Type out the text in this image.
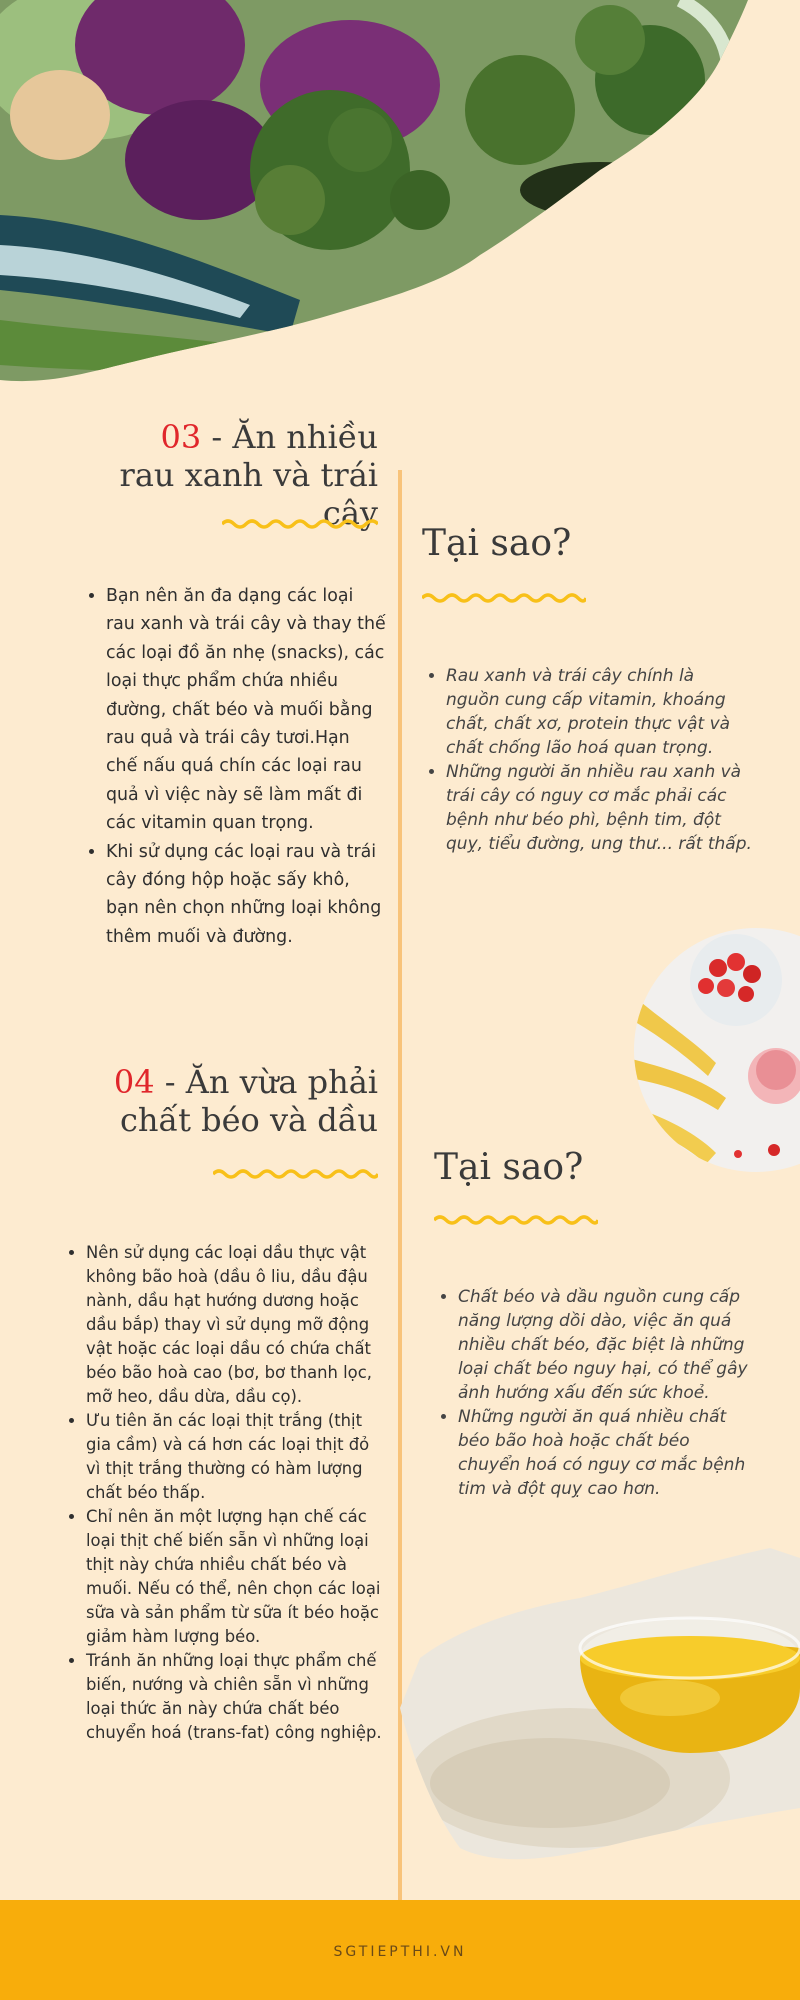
03 - Ăn nhiều
rau xanh và trái cây
Tại sao?
• Bạn nên ăn đa dạng các loại rau xanh và trái cây và thay thế các loại đồ ăn nhẹ (snacks), các loại thực phẩm chứa nhiều đường, chất béo và muối bằng rau quả và trái cây tươi.Hạn chế nấu quá chín các loại rau quả vì việc này sẽ làm mất đi các vitamin quan trọng.
• Khi sử dụng các loại rau và trái cây đóng hộp hoặc sấy khô, bạn nên chọn những loại không thêm muối và đường.
• Rau xanh và trái cây chính là nguồn cung cấp vitamin, khoáng chất, chất xơ, protein thực vật và chất chống lão hoá quan trọng.
• Những người ăn nhiều rau xanh và trái cây có nguy cơ mắc phải các bệnh như béo phì, bệnh tim, đột quỵ, tiểu đường, ung thư... rất thấp.
04 - Ăn vừa phải
chất béo và dầu
Tại sao?
• Nên sử dụng các loại dầu thực vật không bão hoà (dầu ô liu, dầu đậu nành, dầu hạt hướng dương hoặc dầu bắp) thay vì sử dụng mỡ động vật hoặc các loại dầu có chứa chất béo bão hoà cao (bơ, bơ thanh lọc, mỡ heo, dầu dừa, dầu cọ).
• Ưu tiên ăn các loại thịt trắng (thịt gia cầm) và cá hơn các loại thịt đỏ vì thịt trắng thường có hàm lượng chất béo thấp.
• Chỉ nên ăn một lượng hạn chế các loại thịt chế biến sẵn vì những loại thịt này chứa nhiều chất béo và muối. Nếu có thể, nên chọn các loại sữa và sản phẩm từ sữa ít béo hoặc giảm hàm lượng béo.
• Tránh ăn những loại thực phẩm chế biến, nướng và chiên sẵn vì những loại thức ăn này chứa chất béo chuyển hoá (trans-fat) công nghiệp.
• Chất béo và dầu nguồn cung cấp năng lượng dồi dào, việc ăn quá nhiều chất béo, đặc biệt là những loại chất béo nguy hại, có thể gây ảnh hướng xấu đến sức khoẻ.
• Những người ăn quá nhiều chất béo bão hoà hoặc chất béo chuyển hoá có nguy cơ mắc bệnh tim và đột quỵ cao hơn.
SGTIEPTHI.VN
